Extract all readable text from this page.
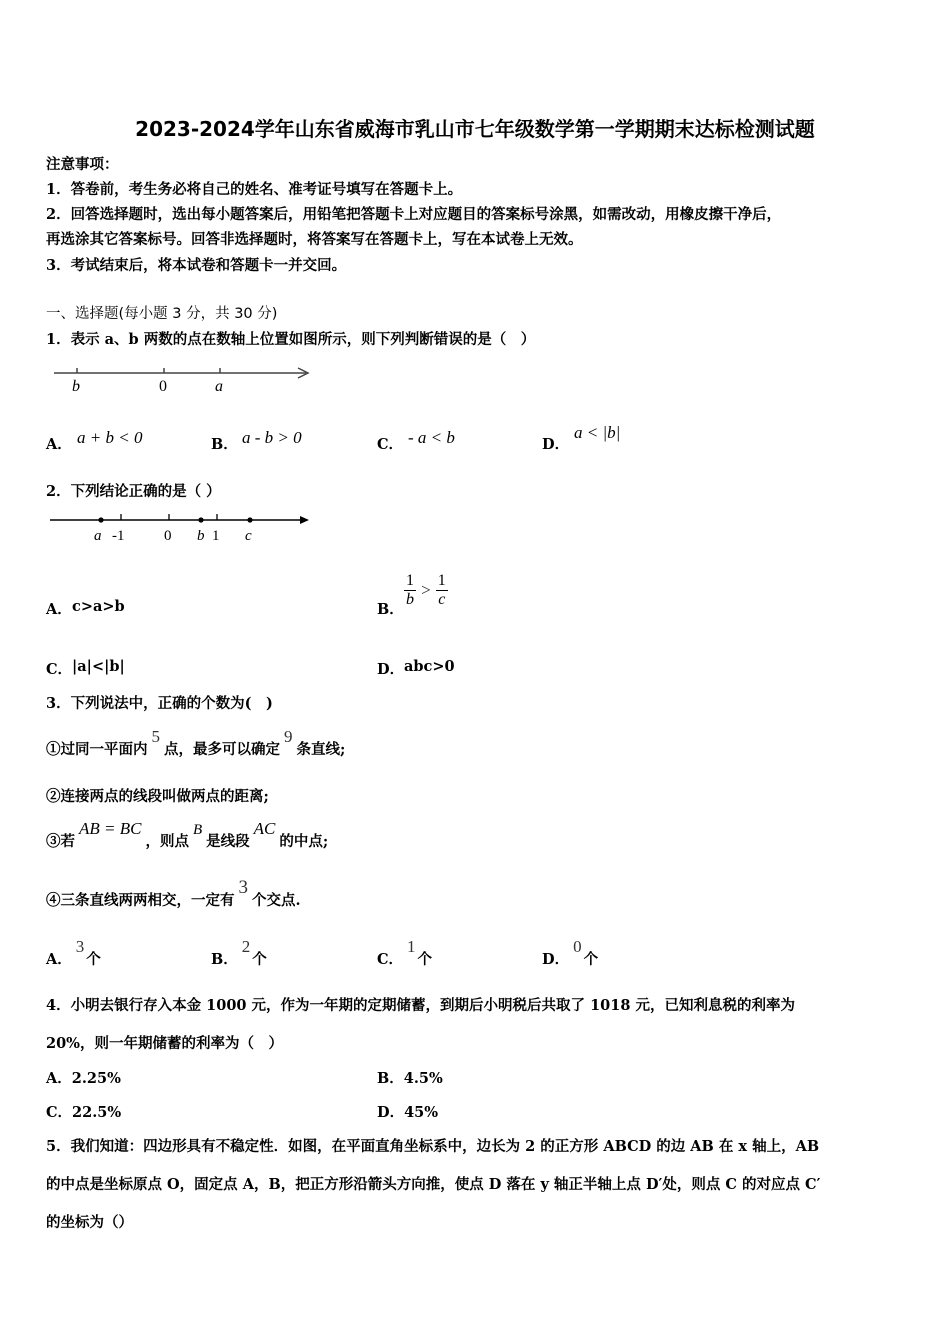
2023-2024学年山东省威海市乳山市七年级数学第一学期期末达标检测试题
注意事项：
1．答卷前，考生务必将自己的姓名、准考证号填写在答题卡上。
2．回答选择题时，选出每小题答案后，用铅笔把答题卡上对应题目的答案标号涂黑，如需改动，用橡皮擦干净后，
再选涂其它答案标号。回答非选择题时，将答案写在答题卡上，写在本试卷上无效。
3．考试结束后，将本试卷和答题卡一并交回。
一、选择题(每小题 3 分，共 30 分)
1．表示 a、b 两数的点在数轴上位置如图所示，则下列判断错误的是（　）
b	0	a
A． a + b < 0	B． a - b > 0	C． - a < b	D．
a < |b|
2．下列结论正确的是（ ）
a -1	0 b 1 c
A． c>a>b	B．
$\frac{1}{b} > \frac{1}{c}$
C． |a|<|b|	D． abc>0
3．下列说法中，正确的个数为(　)
①过同一平面内5点，最多可以确定9条直线;
②连接两点的线段叫做两点的距离;
③若AB = BC，则点B是线段AC的中点;
④三条直线两两相交，一定有3个交点.
A．3个	B．2个	C．1个	D．0个
4．小明去银行存入本金 1000 元，作为一年期的定期储蓄，到期后小明税后共取了 1018 元，已知利息税的利率为
20%，则一年期储蓄的利率为（　）
A．2.25%	B．4.5%
C．22.5%	D．45%
5．我们知道：四边形具有不稳定性．如图，在平面直角坐标系中，边长为 2 的正方形 ABCD 的边 AB 在 x 轴上，AB
的中点是坐标原点 O，固定点 A，B，把正方形沿箭头方向推，使点 D 落在 y 轴正半轴上点 D′处，则点 C 的对应点 C′
的坐标为（）
